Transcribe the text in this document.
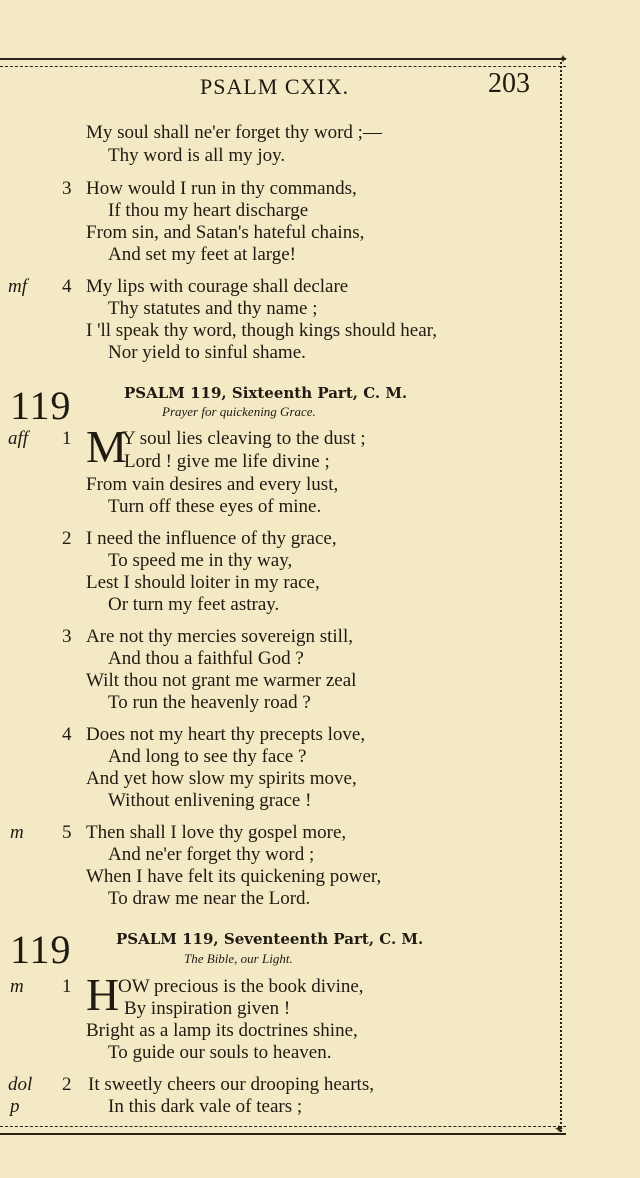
✦
✦
PSALM CXIX.	203
My soul shall ne'er forget thy word ;—
Thy word is all my joy.
3 How would I run in thy commands,
If thou my heart discharge
From sin, and Satan's hateful chains,
And set my feet at large!
mf 4 My lips with courage shall declare
Thy statutes and thy name ;
I 'll speak thy word, though kings should hear,
Nor yield to sinful shame.
119	PSALM 119, Sixteenth Part, C. M.
Prayer for quickening Grace.
aff 1 M
Y soul lies cleaving to the dust ;
Lord ! give me life divine ;
From vain desires and every lust,
Turn off these eyes of mine.
2 I need the influence of thy grace,
To speed me in thy way,
Lest I should loiter in my race,
Or turn my feet astray.
3 Are not thy mercies sovereign still,
And thou a faithful God ?
Wilt thou not grant me warmer zeal
To run the heavenly road ?
4 Does not my heart thy precepts love,
And long to see thy face ?
And yet how slow my spirits move,
Without enlivening grace !
m 5 Then shall I love thy gospel more,
And ne'er forget thy word ;
When I have felt its quickening power,
To draw me near the Lord.
119	PSALM 119, Seventeenth Part, C. M.
The Bible, our Light.
m 1 H
OW precious is the book divine,
By inspiration given !
Bright as a lamp its doctrines shine,
To guide our souls to heaven.
dol 2 It sweetly cheers our drooping hearts,
p	In this dark vale of tears ;
